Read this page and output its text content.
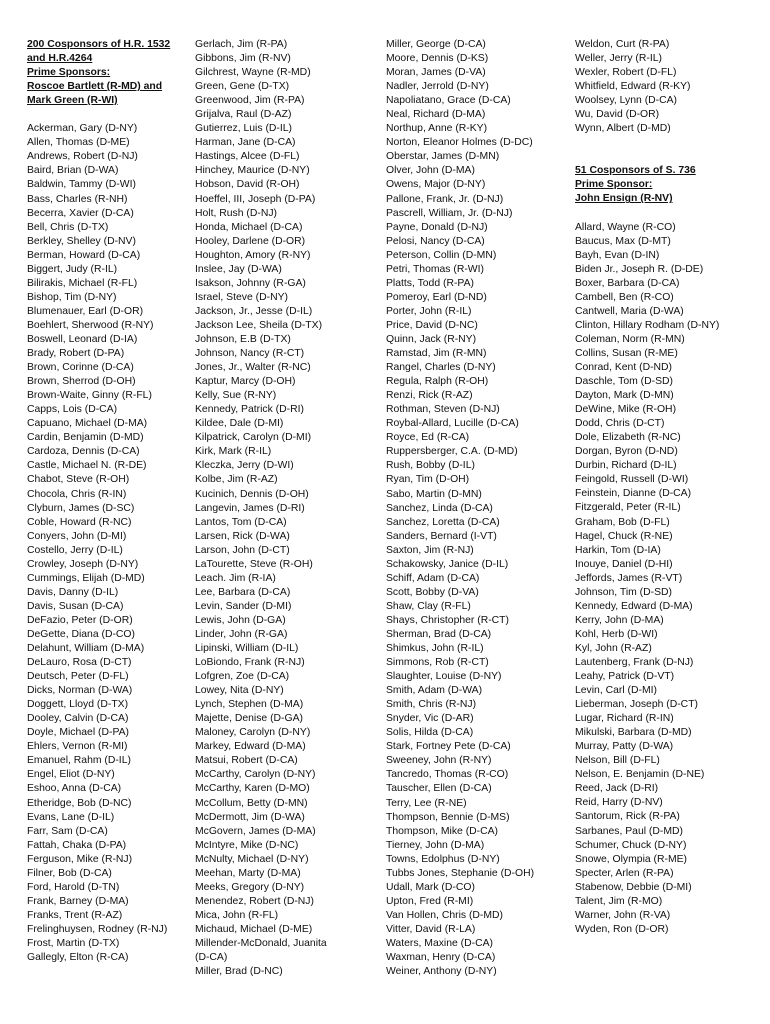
200 Cosponsors of H.R. 1532
and H.R.4264
Prime Sponsors:
Roscoe Bartlett (R-MD) and
Mark Green (R-WI)
Ackerman, Gary (D-NY)
Allen, Thomas (D-ME)
Andrews, Robert (D-NJ)
Baird, Brian (D-WA)
Baldwin, Tammy (D-WI)
Bass, Charles (R-NH)
Becerra, Xavier (D-CA)
Bell, Chris (D-TX)
Berkley, Shelley (D-NV)
Berman, Howard (D-CA)
Biggert, Judy (R-IL)
Bilirakis, Michael (R-FL)
Bishop, Tim (D-NY)
Blumenauer, Earl (D-OR)
Boehlert, Sherwood (R-NY)
Boswell, Leonard (D-IA)
Brady, Robert (D-PA)
Brown, Corinne (D-CA)
Brown, Sherrod (D-OH)
Brown-Waite, Ginny (R-FL)
Capps, Lois (D-CA)
Capuano, Michael (D-MA)
Cardin, Benjamin (D-MD)
Cardoza, Dennis (D-CA)
Castle, Michael N. (R-DE)
Chabot, Steve (R-OH)
Chocola, Chris (R-IN)
Clyburn, James (D-SC)
Coble, Howard (R-NC)
Conyers, John (D-MI)
Costello, Jerry (D-IL)
Crowley, Joseph (D-NY)
Cummings, Elijah (D-MD)
Davis, Danny (D-IL)
Davis, Susan (D-CA)
DeFazio, Peter (D-OR)
DeGette, Diana (D-CO)
Delahunt, William (D-MA)
DeLauro, Rosa (D-CT)
Deutsch, Peter (D-FL)
Dicks, Norman (D-WA)
Doggett, Lloyd (D-TX)
Dooley, Calvin (D-CA)
Doyle, Michael (D-PA)
Ehlers, Vernon (R-MI)
Emanuel, Rahm (D-IL)
Engel, Eliot (D-NY)
Eshoo, Anna (D-CA)
Etheridge, Bob (D-NC)
Evans, Lane (D-IL)
Farr, Sam (D-CA)
Fattah, Chaka (D-PA)
Ferguson, Mike (R-NJ)
Filner, Bob (D-CA)
Ford, Harold (D-TN)
Frank, Barney (D-MA)
Franks, Trent (R-AZ)
Frelinghuysen, Rodney (R-NJ)
Frost, Martin (D-TX)
Gallegly, Elton (R-CA)
Gerlach, Jim (R-PA)
Gibbons, Jim (R-NV)
Gilchrest, Wayne (R-MD)
Green, Gene (D-TX)
Greenwood, Jim (R-PA)
Grijalva, Raul (D-AZ)
Gutierrez, Luis (D-IL)
Harman, Jane (D-CA)
Hastings, Alcee (D-FL)
Hinchey, Maurice (D-NY)
Hobson, David (R-OH)
Hoeffel, III, Joseph (D-PA)
Holt, Rush (D-NJ)
Honda, Michael (D-CA)
Hooley, Darlene (D-OR)
Houghton, Amory (R-NY)
Inslee, Jay (D-WA)
Isakson, Johnny (R-GA)
Israel, Steve (D-NY)
Jackson, Jr., Jesse (D-IL)
Jackson Lee, Sheila (D-TX)
Johnson, E.B (D-TX)
Johnson, Nancy (R-CT)
Jones, Jr., Walter (R-NC)
Kaptur, Marcy (D-OH)
Kelly, Sue (R-NY)
Kennedy, Patrick (D-RI)
Kildee, Dale (D-MI)
Kilpatrick, Carolyn (D-MI)
Kirk, Mark (R-IL)
Kleczka, Jerry (D-WI)
Kolbe, Jim (R-AZ)
Kucinich, Dennis (D-OH)
Langevin, James (D-RI)
Lantos, Tom (D-CA)
Larsen, Rick (D-WA)
Larson, John (D-CT)
LaTourette, Steve (R-OH)
Leach. Jim (R-IA)
Lee, Barbara (D-CA)
Levin, Sander (D-MI)
Lewis, John (D-GA)
Linder, John (R-GA)
Lipinski, William (D-IL)
LoBiondo, Frank (R-NJ)
Lofgren, Zoe (D-CA)
Lowey, Nita (D-NY)
Lynch, Stephen (D-MA)
Majette, Denise (D-GA)
Maloney, Carolyn (D-NY)
Markey, Edward (D-MA)
Matsui, Robert (D-CA)
McCarthy, Carolyn (D-NY)
McCarthy, Karen (D-MO)
McCollum, Betty (D-MN)
McDermott, Jim (D-WA)
McGovern, James (D-MA)
McIntyre, Mike (D-NC)
McNulty, Michael (D-NY)
Meehan, Marty (D-MA)
Meeks, Gregory (D-NY)
Menendez, Robert (D-NJ)
Mica, John (R-FL)
Michaud, Michael (D-ME)
Millender-McDonald, Juanita
(D-CA)
Miller, Brad (D-NC)
Miller, George (D-CA)
Moore, Dennis (D-KS)
Moran, James (D-VA)
Nadler, Jerrold (D-NY)
Napoliatano, Grace (D-CA)
Neal, Richard (D-MA)
Northup, Anne (R-KY)
Norton, Eleanor Holmes (D-DC)
Oberstar, James (D-MN)
Olver, John (D-MA)
Owens, Major (D-NY)
Pallone, Frank, Jr. (D-NJ)
Pascrell, William, Jr. (D-NJ)
Payne, Donald (D-NJ)
Pelosi, Nancy (D-CA)
Peterson, Collin (D-MN)
Petri, Thomas (R-WI)
Platts, Todd (R-PA)
Pomeroy, Earl (D-ND)
Porter, John (R-IL)
Price, David (D-NC)
Quinn, Jack (R-NY)
Ramstad, Jim (R-MN)
Rangel, Charles (D-NY)
Regula, Ralph (R-OH)
Renzi, Rick (R-AZ)
Rothman, Steven (D-NJ)
Roybal-Allard, Lucille (D-CA)
Royce, Ed (R-CA)
Ruppersberger, C.A. (D-MD)
Rush, Bobby (D-IL)
Ryan, Tim (D-OH)
Sabo, Martin (D-MN)
Sanchez, Linda (D-CA)
Sanchez, Loretta (D-CA)
Sanders, Bernard (I-VT)
Saxton, Jim (R-NJ)
Schakowsky, Janice (D-IL)
Schiff, Adam (D-CA)
Scott, Bobby (D-VA)
Shaw, Clay (R-FL)
Shays, Christopher (R-CT)
Sherman, Brad (D-CA)
Shimkus, John (R-IL)
Simmons, Rob (R-CT)
Slaughter, Louise (D-NY)
Smith, Adam (D-WA)
Smith, Chris (R-NJ)
Snyder, Vic (D-AR)
Solis, Hilda (D-CA)
Stark, Fortney Pete (D-CA)
Sweeney, John (R-NY)
Tancredo, Thomas (R-CO)
Tauscher, Ellen (D-CA)
Terry, Lee (R-NE)
Thompson, Bennie (D-MS)
Thompson, Mike (D-CA)
Tierney, John (D-MA)
Towns, Edolphus (D-NY)
Tubbs Jones, Stephanie (D-OH)
Udall, Mark (D-CO)
Upton, Fred (R-MI)
Van Hollen, Chris (D-MD)
Vitter, David (R-LA)
Waters, Maxine (D-CA)
Waxman, Henry (D-CA)
Weiner, Anthony (D-NY)
Weldon, Curt (R-PA)
Weller, Jerry (R-IL)
Wexler, Robert (D-FL)
Whitfield, Edward (R-KY)
Woolsey, Lynn (D-CA)
Wu, David (D-OR)
Wynn, Albert (D-MD)
51 Cosponsors of S. 736
Prime Sponsor:
John Ensign (R-NV)
Allard, Wayne (R-CO)
Baucus, Max (D-MT)
Bayh, Evan (D-IN)
Biden Jr., Joseph R. (D-DE)
Boxer, Barbara (D-CA)
Cambell, Ben (R-CO)
Cantwell, Maria (D-WA)
Clinton, Hillary Rodham (D-NY)
Coleman, Norm (R-MN)
Collins, Susan (R-ME)
Conrad, Kent (D-ND)
Daschle, Tom (D-SD)
Dayton, Mark (D-MN)
DeWine, Mike (R-OH)
Dodd, Chris (D-CT)
Dole, Elizabeth (R-NC)
Dorgan, Byron (D-ND)
Durbin, Richard (D-IL)
Feingold, Russell (D-WI)
Feinstein, Dianne (D-CA)
Fitzgerald, Peter (R-IL)
Graham, Bob (D-FL)
Hagel, Chuck (R-NE)
Harkin, Tom (D-IA)
Inouye, Daniel (D-HI)
Jeffords, James (R-VT)
Johnson, Tim (D-SD)
Kennedy, Edward (D-MA)
Kerry, John (D-MA)
Kohl, Herb (D-WI)
Kyl, John (R-AZ)
Lautenberg, Frank (D-NJ)
Leahy, Patrick (D-VT)
Levin, Carl (D-MI)
Lieberman, Joseph (D-CT)
Lugar, Richard (R-IN)
Mikulski, Barbara (D-MD)
Murray, Patty (D-WA)
Nelson, Bill (D-FL)
Nelson, E. Benjamin (D-NE)
Reed, Jack (D-RI)
Reid, Harry (D-NV)
Santorum, Rick (R-PA)
Sarbanes, Paul (D-MD)
Schumer, Chuck (D-NY)
Snowe, Olympia (R-ME)
Specter, Arlen (R-PA)
Stabenow, Debbie (D-MI)
Talent, Jim (R-MO)
Warner, John (R-VA)
Wyden, Ron (D-OR)
